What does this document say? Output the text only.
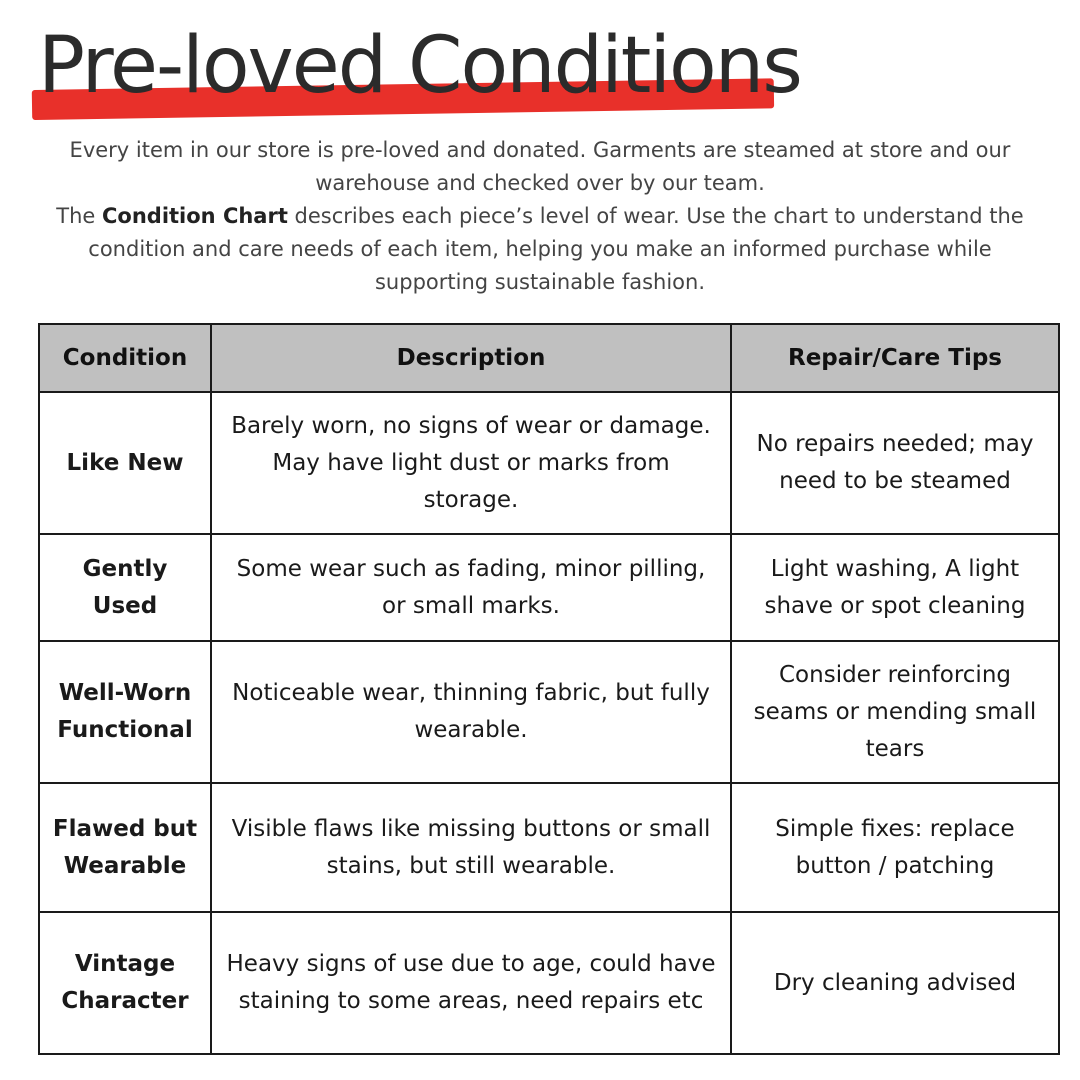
Pre-loved Conditions

Every item in our store is pre-loved and donated. Garments are steamed at store and our warehouse and checked over by our team.

The Condition Chart describes each piece’s level of wear. Use the chart to understand the condition and care needs of each item, helping you make an informed purchase while supporting sustainable fashion.

Condition	Description	Repair/Care Tips
Like New	Barely worn, no signs of wear or damage. May have light dust or marks from storage.	No repairs needed; may need to be steamed
Gently Used	Some wear such as fading, minor pilling, or small marks.	Light washing, A light shave or spot cleaning
Well-Worn Functional	Noticeable wear, thinning fabric, but fully wearable.	Consider reinforcing seams or mending small tears
Flawed but Wearable	Visible flaws like missing buttons or small stains, but still wearable.	Simple fixes: replace button / patching
Vintage Character	Heavy signs of use due to age, could have staining to some areas, need repairs etc	Dry cleaning advised
